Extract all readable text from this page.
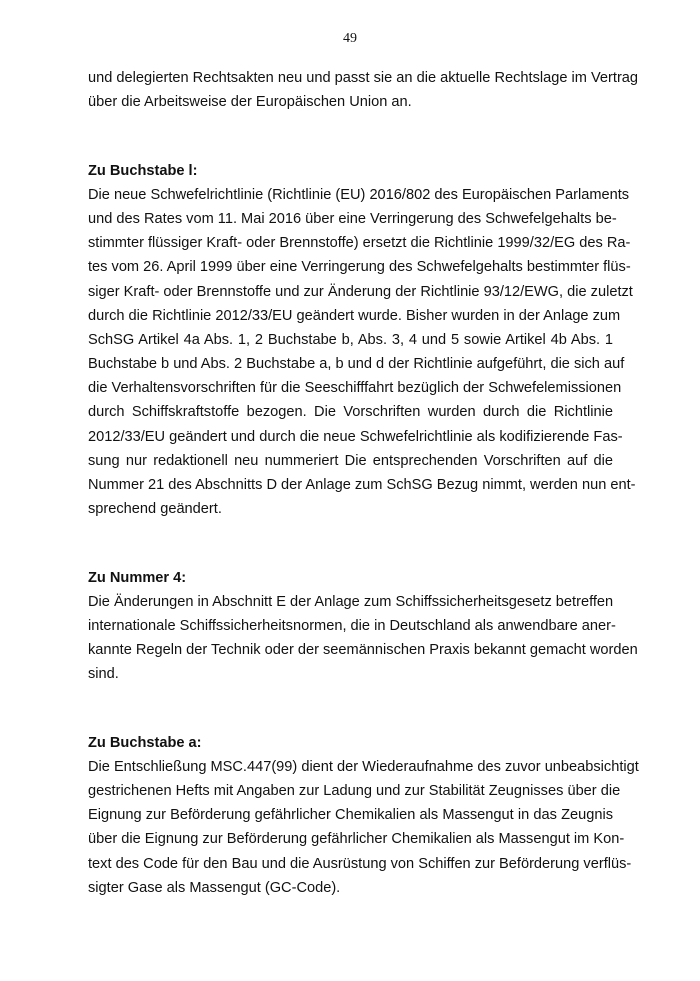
49
und delegierten Rechtsakten neu und passt sie an die aktuelle Rechtslage im Vertrag
über die Arbeitsweise der Europäischen Union an.
Zu Buchstabe l:
Die neue Schwefelrichtlinie (Richtlinie (EU) 2016/802 des Europäischen Parlaments
und des Rates vom 11. Mai 2016 über eine Verringerung des Schwefelgehalts be-
stimmter flüssiger Kraft- oder Brennstoffe) ersetzt die Richtlinie 1999/32/EG des Ra-
tes vom 26. April 1999 über eine Verringerung des Schwefelgehalts bestimmter flüs-
siger Kraft- oder Brennstoffe und zur Änderung der Richtlinie 93/12/EWG, die zuletzt
durch die Richtlinie 2012/33/EU geändert wurde. Bisher wurden in der Anlage zum
SchSG Artikel 4a Abs. 1, 2 Buchstabe b, Abs. 3, 4 und 5 sowie Artikel 4b Abs. 1
Buchstabe b und Abs. 2 Buchstabe a, b und d der Richtlinie aufgeführt, die sich auf
die Verhaltensvorschriften für die Seeschifffahrt bezüglich der Schwefelemissionen
durch Schiffskraftstoffe bezogen. Die Vorschriften wurden durch die Richtlinie
2012/33/EU geändert und durch die neue Schwefelrichtlinie als kodifizierende Fas-
sung nur redaktionell neu nummeriert Die entsprechenden Vorschriften auf die
Nummer 21 des Abschnitts D der Anlage zum SchSG Bezug nimmt, werden nun ent-
sprechend geändert.
Zu Nummer 4:
Die Änderungen in Abschnitt E der Anlage zum Schiffssicherheitsgesetz betreffen
internationale Schiffssicherheitsnormen, die in Deutschland als anwendbare aner-
kannte Regeln der Technik oder der seemännischen Praxis bekannt gemacht worden
sind.
Zu Buchstabe a:
Die Entschließung MSC.447(99) dient der Wiederaufnahme des zuvor unbeabsichtigt
gestrichenen Hefts mit Angaben zur Ladung und zur Stabilität Zeugnisses über die
Eignung zur Beförderung gefährlicher Chemikalien als Massengut in das Zeugnis
über die Eignung zur Beförderung gefährlicher Chemikalien als Massengut im Kon-
text des Code für den Bau und die Ausrüstung von Schiffen zur Beförderung verflüs-
sigter Gase als Massengut (GC-Code).
